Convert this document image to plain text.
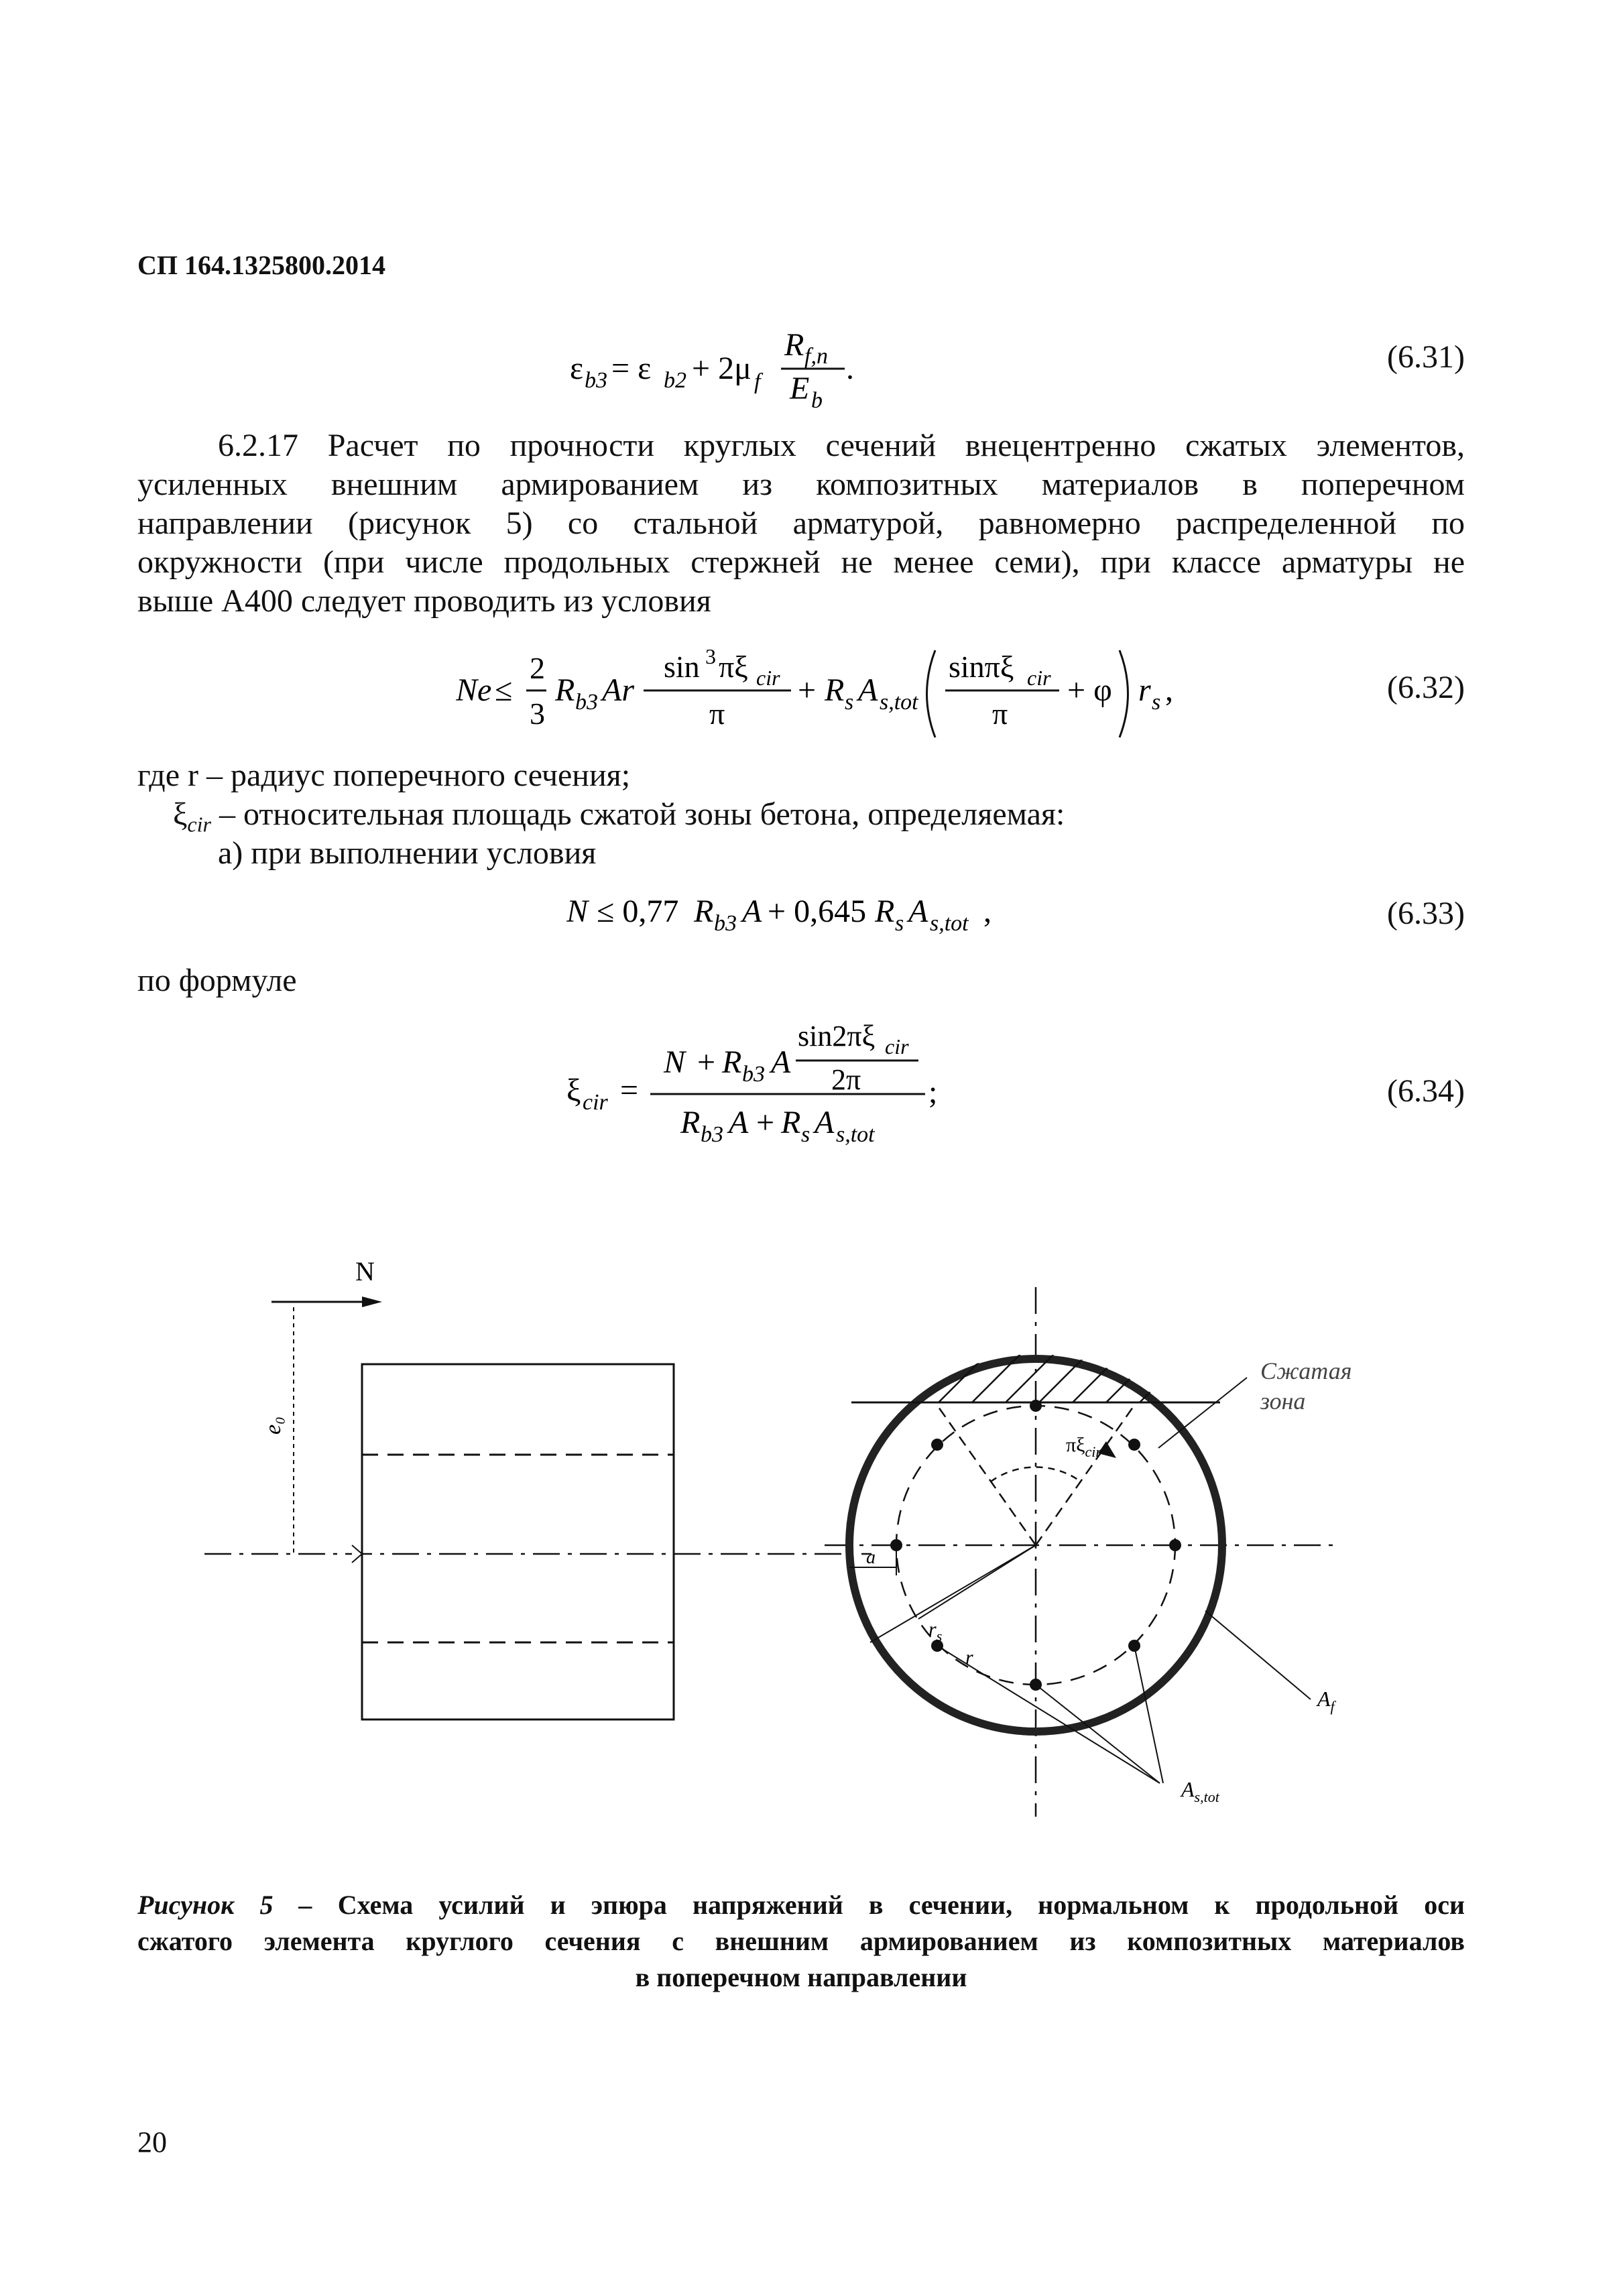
СП 164.1325800.2014
ε b3 = ε b2 + 2μ f
R f,n
E b
.	(6.31)
6.2.17 Расчет по прочности круглых сечений внецентренно сжатых элементов,
усиленных внешним армированием из композитных материалов в поперечном
направлении (рисунок 5) со стальной арматурой, равномерно распределенной по
окружности (при числе продольных стержней не менее семи), при классе арматуры не
выше А400 следует проводить из условия
Ne ≤
2
3
R b3 Ar
sin 3 πξ cir
π
+ R s A s,tot
sinπξ cir
π
+ φ r s ,	(6.32)
где r – радиус поперечного сечения;
$\xi_{cir}$ – относительная площадь сжатой зоны бетона, определяемая:
а) при выполнении условия
N ≤ 0,77 R b3 A + 0,645 R s A s,tot ,	(6.33)
по формуле
ξ cir =
N + R b3 A
sin2πξ cir
2π
R b3 A + R s A s,tot
;	(6.34)
N
e₀
$\pi\xi_{cir}$
a
$r_s$
r
Сжатая
зона
$A_f$
$A_{s,tot}$
Рисунок 5 – Схема усилий и эпюра напряжений в сечении, нормальном к продольной оси
сжатого элемента круглого сечения с внешним армированием из композитных материалов
в поперечном направлении
20
